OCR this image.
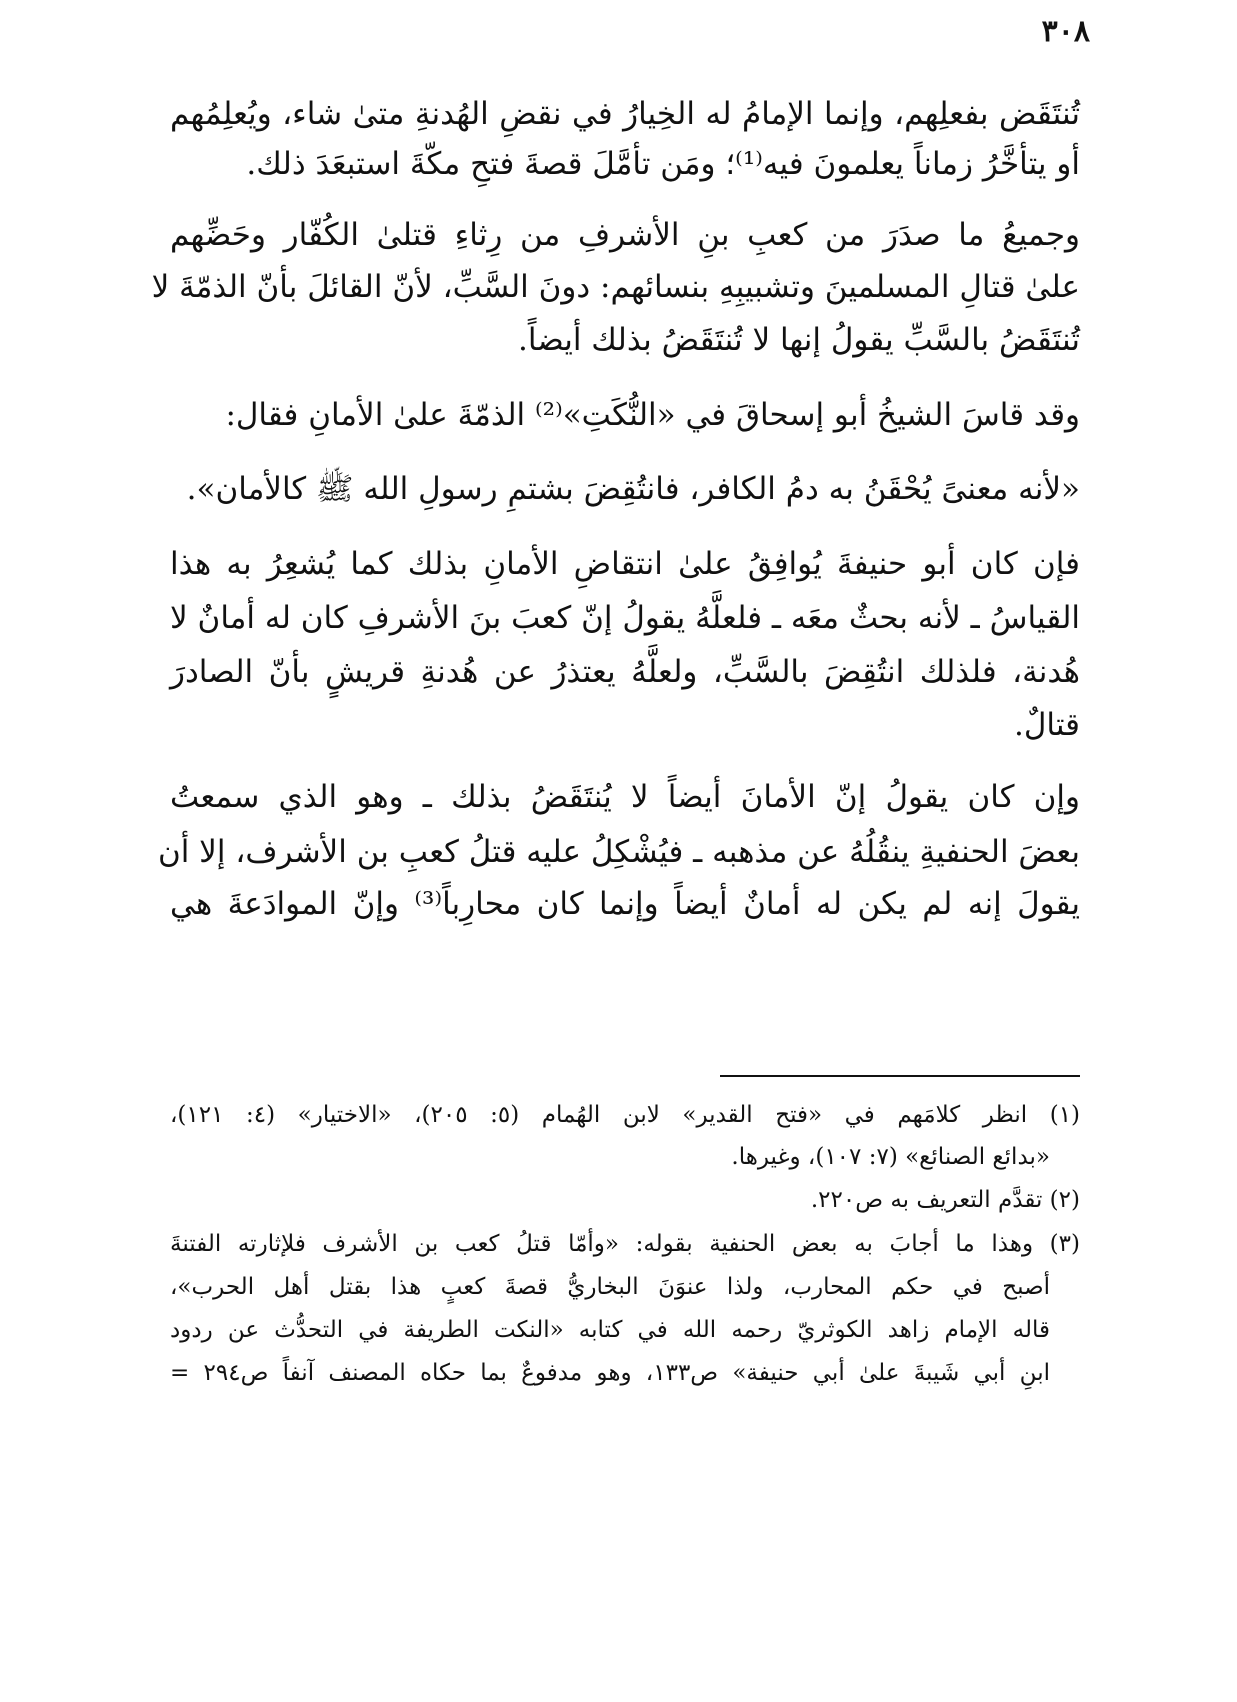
٣٠٨
تُنتَقَض بفعلِهم، وإنما الإمامُ له الخِيارُ في نقضِ الهُدنةِ متىٰ شاء، ويُعلِمُهم
أو يتأخَّرُ زماناً يعلمونَ فيه⁽¹⁾؛ ومَن تأمَّلَ قصةَ فتحِ مكّةَ استبعَدَ ذلك.
وجميعُ ما صدَرَ من كعبِ بنِ الأشرفِ من رِثاءِ قتلىٰ الكُفّار وحَضِّهم
علىٰ قتالِ المسلمينَ وتشبيبِهِ بنسائهم: دونَ السَّبِّ، لأنّ القائلَ بأنّ الذمّةَ لا
تُنتَقَضُ بالسَّبِّ يقولُ إنها لا تُنتَقَضُ بذلك أيضاً.
وقد قاسَ الشيخُ أبو إسحاقَ في «النُّكَتِ»⁽²⁾ الذمّةَ علىٰ الأمانِ فقال:
«لأنه معنىً يُحْقَنُ به دمُ الكافر، فانتُقِضَ بشتمِ رسولِ الله ﷺ كالأمان».
فإن كان أبو حنيفةَ يُوافِقُ علىٰ انتقاضِ الأمانِ بذلك كما يُشعِرُ به هذا
القياسُ ـ لأنه بحثٌ معَه ـ فلعلَّهُ يقولُ إنّ كعبَ بنَ الأشرفِ كان له أمانٌ لا
هُدنة، فلذلك انتُقِضَ بالسَّبِّ، ولعلَّهُ يعتذرُ عن هُدنةِ قريشٍ بأنّ الصادرَ
قتالٌ.
وإن كان يقولُ إنّ الأمانَ أيضاً لا يُنتَقَضُ بذلك ـ وهو الذي سمعتُ
بعضَ الحنفيةِ ينقُلُهُ عن مذهبه ـ فيُشْكِلُ عليه قتلُ كعبِ بن الأشرف، إلا أن
يقولَ إنه لم يكن له أمانٌ أيضاً وإنما كان محارِباً⁽³⁾ وإنّ الموادَعةَ هي
(١) انظر كلامَهم في «فتح القدير» لابن الهُمام (٥: ٢٠٥)، «الاختيار» (٤: ١٢١)،
«بدائع الصنائع» (٧: ١٠٧)، وغيرها.
(٢) تقدَّم التعريف به ص٢٢٠.
(٣) وهذا ما أجابَ به بعض الحنفية بقوله: «وأمّا قتلُ كعب بن الأشرف فلإثارته الفتنةَ
أصبح في حكم المحارب، ولذا عنوَنَ البخاريُّ قصةَ كعبٍ هذا بقتل أهل الحرب»،
قاله الإمام زاهد الكوثريّ رحمه الله في كتابه «النكت الطريفة في التحدُّث عن ردود
ابنِ أبي شَيبةَ علىٰ أبي حنيفة» ص١٣٣، وهو مدفوعٌ بما حكاه المصنف آنفاً ص٢٩٤ =
